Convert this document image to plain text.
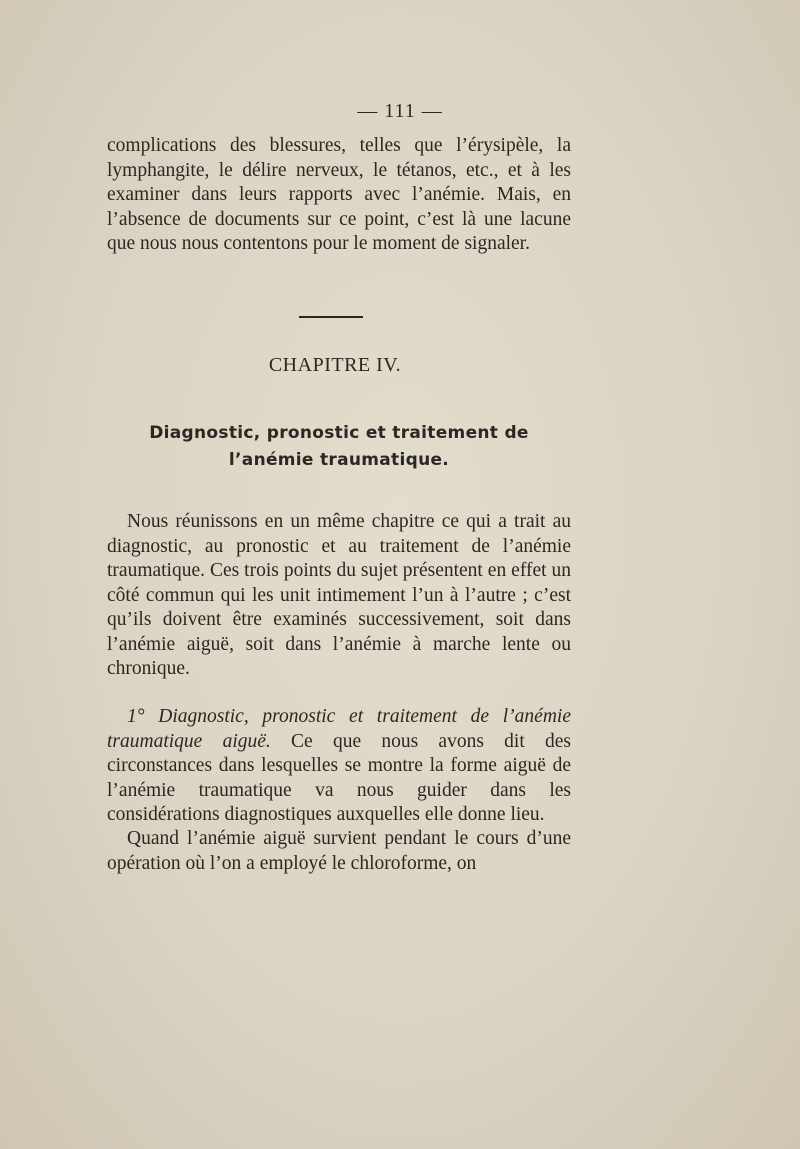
— 111 —

complications des blessures, telles que l’érysipèle, la lymphangite, le délire nerveux, le tétanos, etc., et à les examiner dans leurs rapports avec l’anémie. Mais, en l’absence de documents sur ce point, c’est là une lacune que nous nous contentons pour le moment de signaler.

CHAPITRE IV.
Diagnostic, pronostic et traitement de l’anémie traumatique.

Nous réunissons en un même chapitre ce qui a trait au diagnostic, au pronostic et au traitement de l’anémie traumatique. Ces trois points du sujet présentent en effet un côté commun qui les unit intimement l’un à l’autre ; c’est qu’ils doivent être examinés successivement, soit dans l’anémie aiguë, soit dans l’anémie à marche lente ou chronique.

1° Diagnostic, pronostic et traitement de l’anémie traumatique aiguë. Ce que nous avons dit des circonstances dans lesquelles se montre la forme aiguë de l’anémie traumatique va nous guider dans les considérations diagnostiques auxquelles elle donne lieu.

Quand l’anémie aiguë survient pendant le cours d’une opération où l’on a employé le chloroforme, on
